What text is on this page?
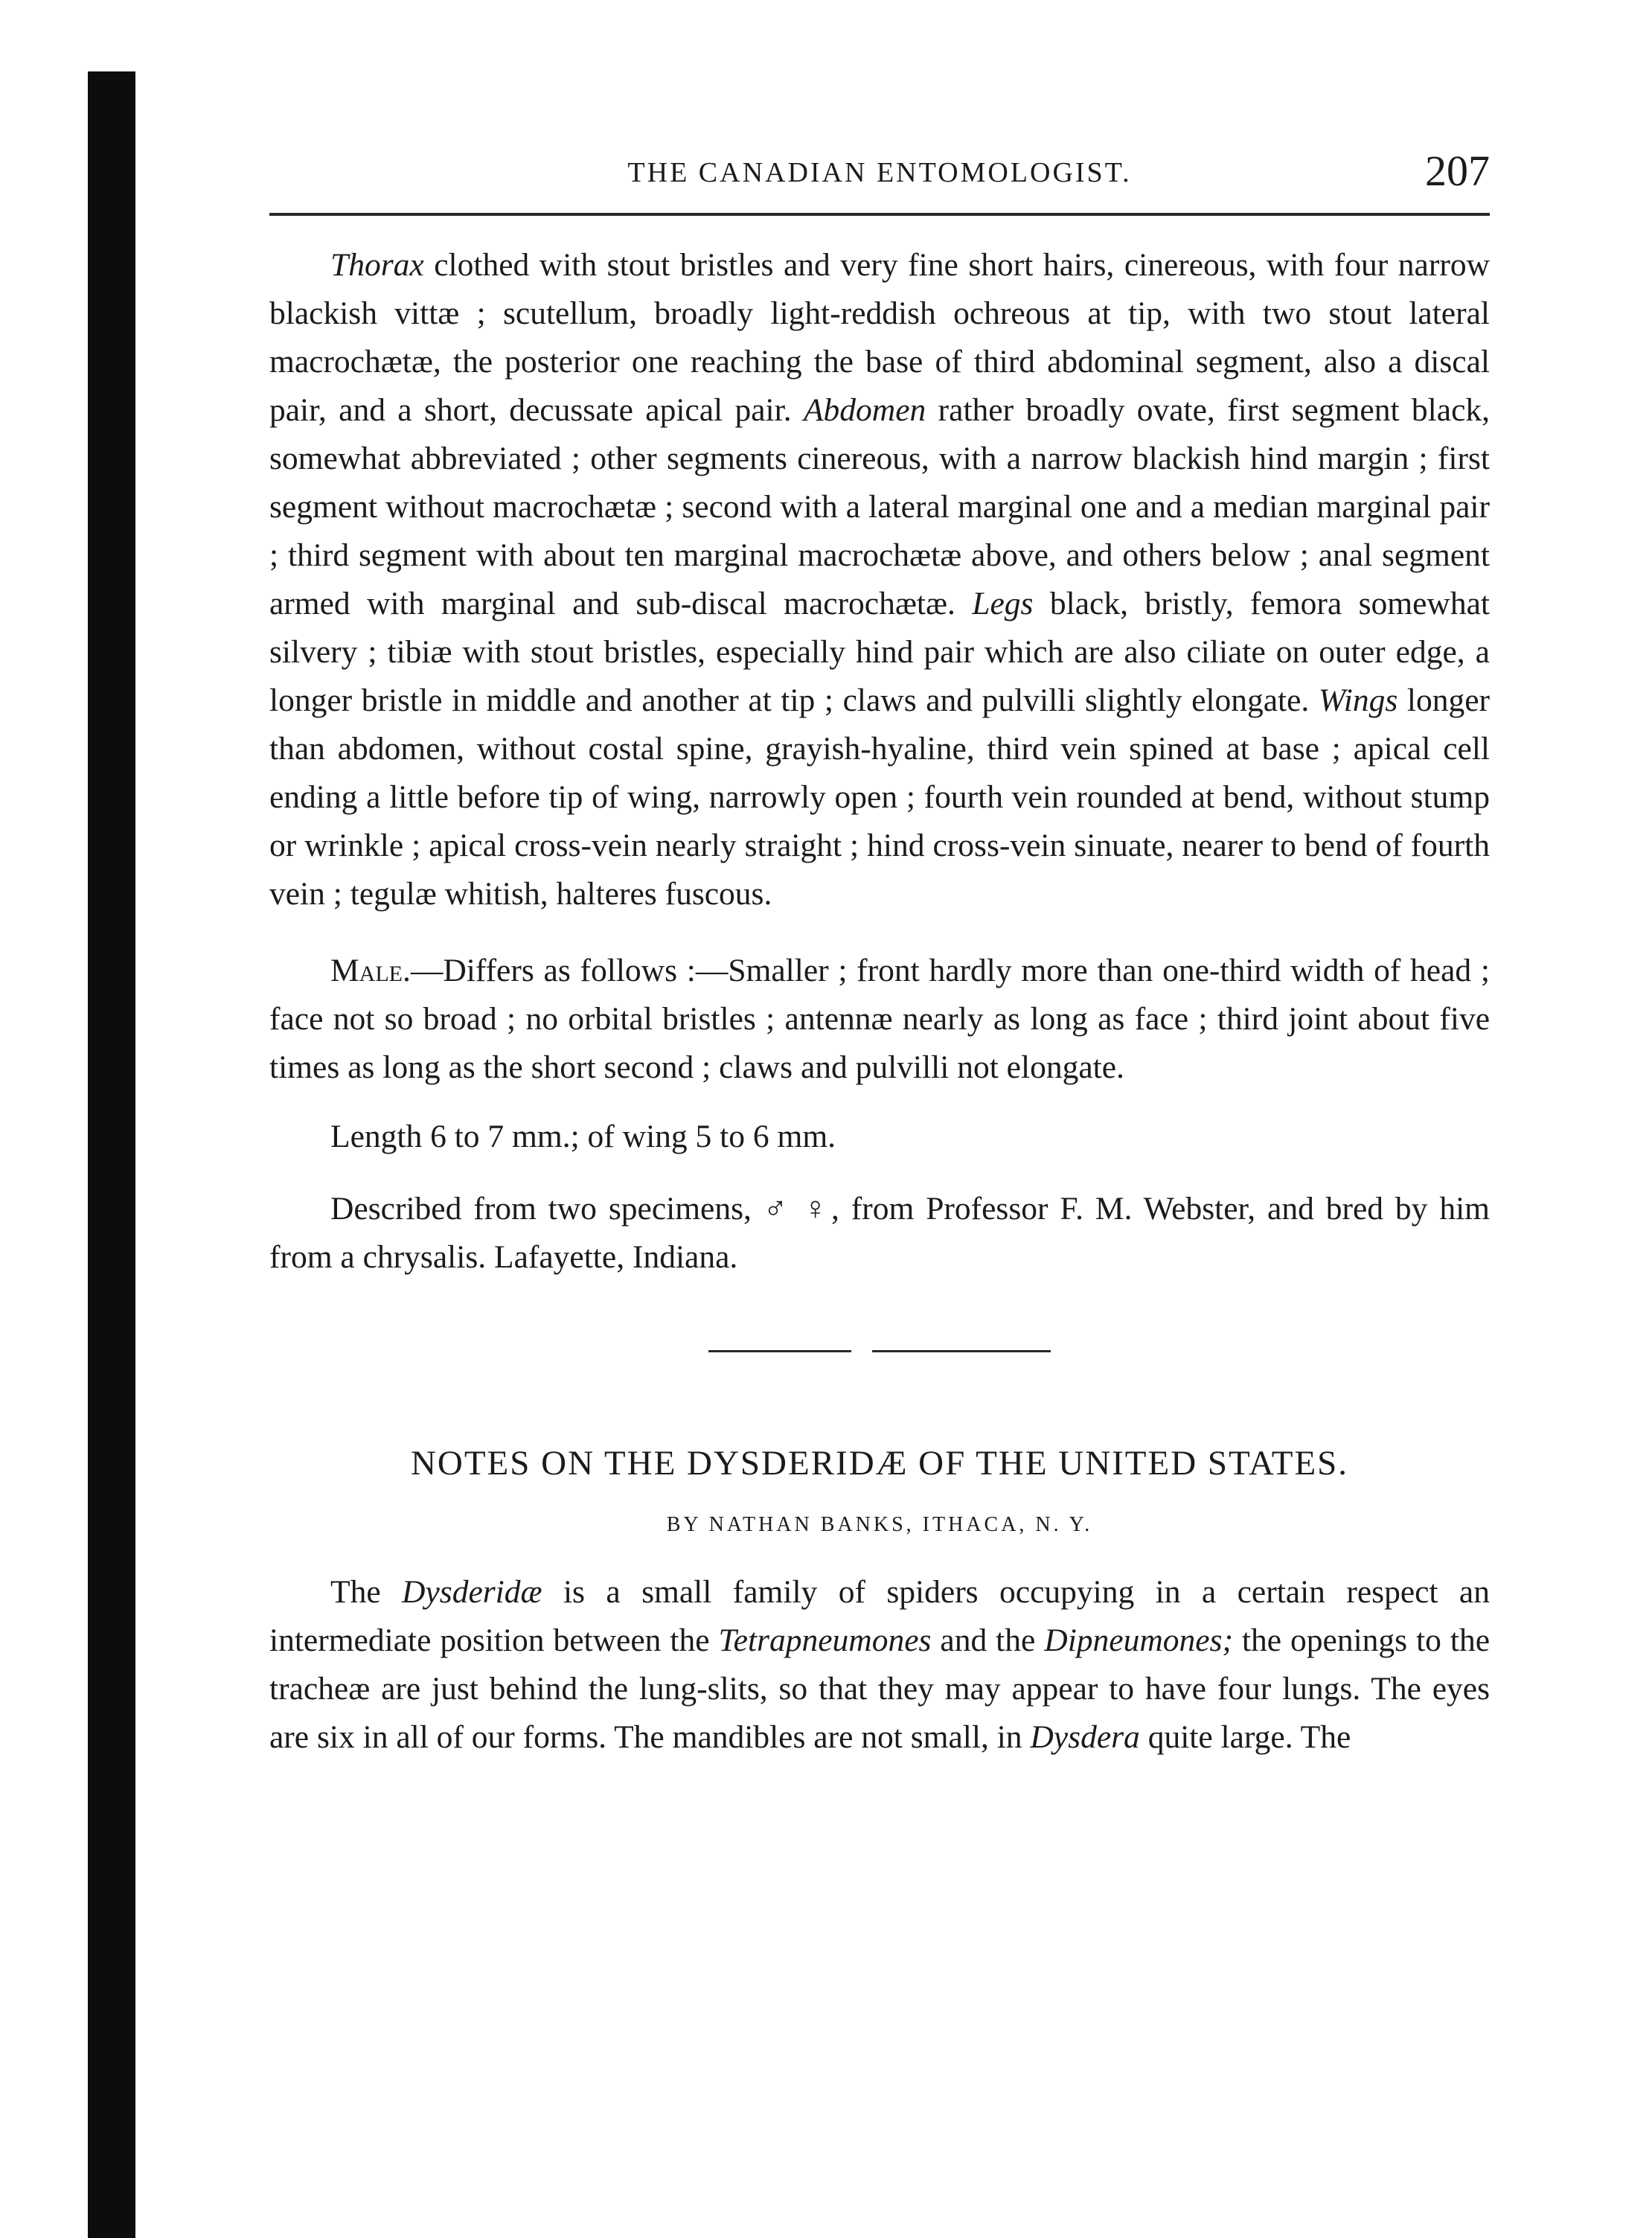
THE CANADIAN ENTOMOLOGIST.	207

Thorax clothed with stout bristles and very fine short hairs, cinereous, with four narrow blackish vittæ ; scutellum, broadly light-reddish ochreous at tip, with two stout lateral macrochætæ, the posterior one reaching the base of third abdominal segment, also a discal pair, and a short, decussate apical pair. Abdomen rather broadly ovate, first segment black, somewhat abbreviated ; other segments cinereous, with a narrow blackish hind margin ; first segment without macrochætæ ; second with a lateral marginal one and a median marginal pair ; third segment with about ten marginal macrochætæ above, and others below ; anal segment armed with marginal and sub-discal macrochætæ. Legs black, bristly, femora somewhat silvery ; tibiæ with stout bristles, especially hind pair which are also ciliate on outer edge, a longer bristle in middle and another at tip ; claws and pulvilli slightly elongate. Wings longer than abdomen, without costal spine, grayish-hyaline, third vein spined at base ; apical cell ending a little before tip of wing, narrowly open ; fourth vein rounded at bend, without stump or wrinkle ; apical cross-vein nearly straight ; hind cross-vein sinuate, nearer to bend of fourth vein ; tegulæ whitish, halteres fuscous.

Male.—Differs as follows :—Smaller ; front hardly more than one-third width of head ; face not so broad ; no orbital bristles ; antennæ nearly as long as face ; third joint about five times as long as the short second ; claws and pulvilli not elongate.

Length 6 to 7 mm.; of wing 5 to 6 mm.

Described from two specimens, ♂ ♀, from Professor F. M. Webster, and bred by him from a chrysalis. Lafayette, Indiana.

NOTES ON THE DYSDERIDÆ OF THE UNITED STATES.
BY NATHAN BANKS, ITHACA, N. Y.

The Dysderidæ is a small family of spiders occupying in a certain respect an intermediate position between the Tetrapneumones and the Dipneumones; the openings to the tracheæ are just behind the lung-slits, so that they may appear to have four lungs. The eyes are six in all of our forms. The mandibles are not small, in Dysdera quite large. The
